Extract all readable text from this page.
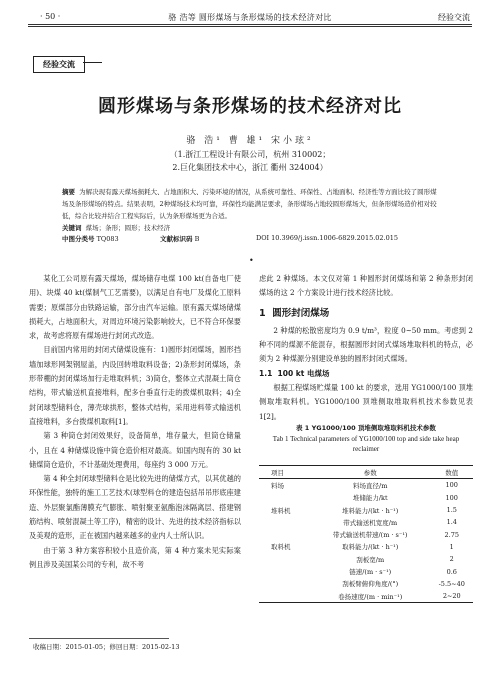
· 50 ·	骆 浩等 圆形煤场与条形煤场的技术经济对比	经验交流
经验交流
圆形煤场与条形煤场的技术经济对比
骆 浩¹ 曹 雄¹ 宋小玹²
（1.浙江工程设计有限公司，杭州 310002；
2.巨化集团技术中心，浙江 衢州 324004）
摘要 为解决现有露天煤场损耗大、占地面积大、污染环境的情况，从系统可靠性、环保性、占地面积、经济性等方面比较了圆形煤场及条形煤场的特点。结果表明，2种煤场技术均可靠，环保性均能满足要求，条形煤场占地较圆形煤场大，但条形煤场造价相对较低，综合比较并结合工程实际后，认为条形煤场更为合适。
关键词 煤场；条形；圆形；技术经济
中图分类号 TQ083	文献标识码 B	DOI 10.3969/j.issn.1006-6829.2015.02.015
•

某化工公司原有露天煤场，煤场储存电煤 100 kt(自备电厂使用)、块煤 40 kt(煤制气工艺需要)，以满足自有电厂及煤化工原料需要；原煤部分由铁路运输，部分由汽车运输。原有露天煤场储煤损耗大，占地面积大，对周边环境污染影响较大，已不符合环保要求，故考虑将原有煤场进行封闭式改造。

目前国内常用的封闭式储煤设施有：1)圆形封闭煤场，圆形挡墙加球形网架钢屋盖，内设回转堆取料设备；2)条形封闭煤场，条形带棚的封闭煤场加行走堆取料机；3)筒仓，整体立式混凝土筒仓结构，带式输送机直接堆料，配多台垂直行走的拨煤机取料；4)全封闭球型储料仓，薄壳球拱形，整体式结构，采用进料带式输送机直接堆料，多台拨煤机取料[1]。

第 3 种筒仓封闭效果好，设备简单，堆存量大，但筒仓储量小，且在 4 种储煤设施中筒仓造价相对最高。如国内现有的 30 kt 储煤筒仓造价，不计基础处理费用，每座约 3 000 万元。

第 4 种全封闭球型储料仓是比较先进的储煤方式，以其优越的环保性能，独特的施工工艺技术(球型料仓的建造包括吊吊形底座建造、外层聚氯酯薄膜充气膨胀、喷射聚亚氨酯泡沫隔离层、搭建钢筋结构、喷射混凝土等工序)，精密的设计、先进的技术经济指标以及美观的造形，正在被国内越来越多的业内人士所认识。

由于第 3 种方案容积较小且造价高，第 4 种方案未见实际案例且涉及美国某公司的专利，故不考

虑此 2 种煤场。本文仅对第 1 种圆形封闭煤场和第 2 种条形封闭煤场的这 2 个方案设计进行技术经济比较。

1 圆形封闭煤场

2 种煤的松散密度均为 0.9 t/m³，粒度 0~50 mm。考虑到 2 种不同的煤源不能混存，根据圆形封闭式煤场堆取料机的特点，必须为 2 种煤源分别建设单独的圆形封闭式煤场。

1.1 100 kt 电煤场

根据工程煤场贮煤量 100 kt 的要求，选用 YG1000/100 顶堆侧取堆取料机。YG1000/100 顶堆侧取堆取料机技术参数见表 1[2]。

表 1 YG1000/100 顶堆侧取堆取料机技术参数
Tab 1 Technical parameters of YG1000/100 top and side take heap reclaimer
项目	参数	数值
料场	料场直径/m	100
	堆储能力/kt	100
堆料机	堆料能力/(kt · h⁻¹)	1.5
	带式输送机宽度/m	1.4
	带式输送机带速/(m · s⁻¹)	2.75
取料机	取料能力/(kt · h⁻¹)	1
	刮板宽/m	2
	链速/(m · s⁻¹)	0.6
	刮板臂俯仰角度/(°)	-5.5~40
	卷扬速度/(m · min⁻¹)	2~20
收稿日期：2015-01-05；修回日期：2015-02-13
